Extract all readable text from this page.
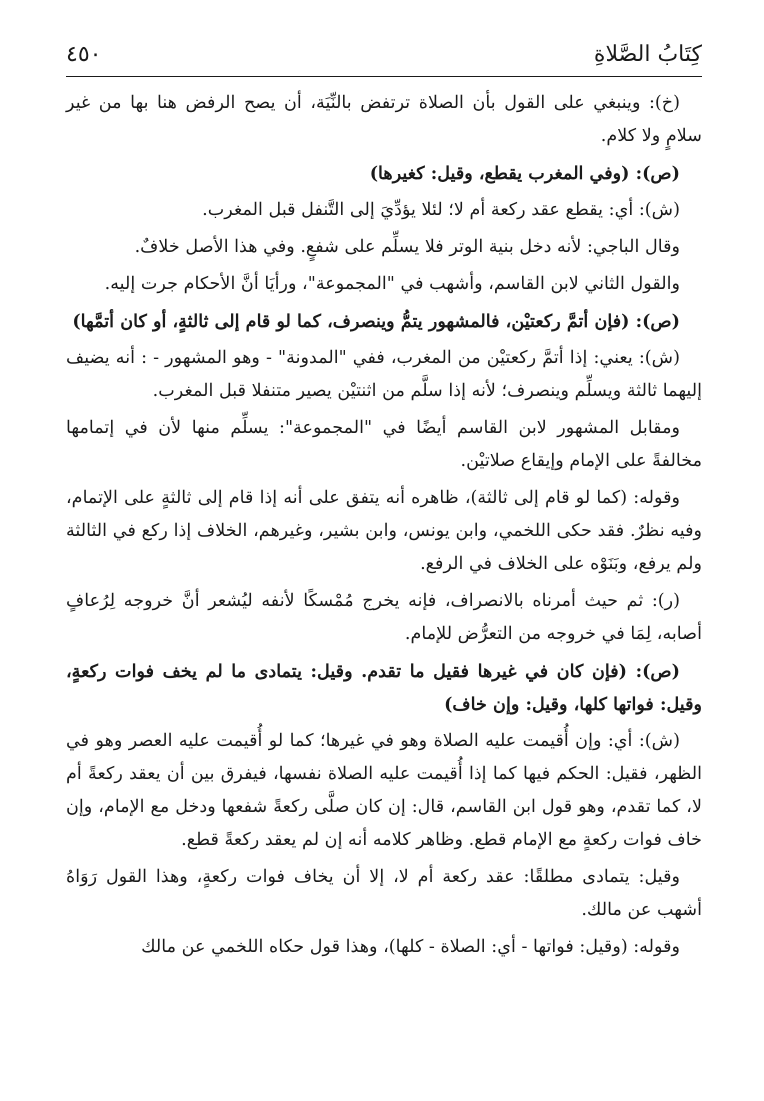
كِتَابُ الصَّلاةِ
٤٥٠

(خ): وينبغي على القول بأن الصلاة ترتفض بالنِّيَة، أن يصح الرفض هنا بها من غير سلامٍ ولا كلام.

(ص): (وفي المغرب يقطع، وقيل: كغيرها)

(ش): أي: يقطع عقد ركعة أم لا؛ لئلا يؤدِّيَ إلى التَّنفل قبل المغرب.

وقال الباجي: لأنه دخل بنية الوتر فلا يسلِّم على شفعٍ. وفي هذا الأصل خلافٌ.

والقول الثاني لابن القاسم، وأشهب في "المجموعة"، ورأيَا أنَّ الأحكام جرت إليه.

(ص): (فإن أتمَّ ركعتيْن، فالمشهور يتمُّ وينصرف، كما لو قام إلى ثالثةٍ، أو كان أتمَّها)

(ش): يعني: إذا أتمَّ ركعتيْن من المغرب، ففي "المدونة" - وهو المشهور - : أنه يضيف إليهما ثالثة ويسلِّم وينصرف؛ لأنه إذا سلَّم من اثنتيْن يصير متنفلا قبل المغرب.

ومقابل المشهور لابن القاسم أيضًا في "المجموعة": يسلِّم منها لأن في إتمامها مخالفةً على الإمام وإيقاع صلاتيْن.

وقوله: (كما لو قام إلى ثالثة)، ظاهره أنه يتفق على أنه إذا قام إلى ثالثةٍ على الإتمام، وفيه نظرٌ. فقد حكى اللخمي، وابن يونس، وابن بشير، وغيرهم، الخلاف إذا ركع في الثالثة ولم يرفع، وبَنَوْه على الخلاف في الرفع.

(ر): ثم حيث أمرناه بالانصراف، فإنه يخرج مُمْسكًا لأنفه ليُشعر أنَّ خروجه لِرُعافٍ أصابه، لِمَا في خروجه من التعرُّض للإمام.

(ص): (فإن كان في غيرها فقيل ما تقدم. وقيل: يتمادى ما لم يخف فوات ركعةٍ، وقيل: فواتها كلها، وقيل: وإن خاف)

(ش): أي: وإن أُقيمت عليه الصلاة وهو في غيرها؛ كما لو أُقيمت عليه العصر وهو في الظهر، فقيل: الحكم فيها كما إذا أُقيمت عليه الصلاة نفسها، فيفرق بين أن يعقد ركعةً أم لا، كما تقدم، وهو قول ابن القاسم، قال: إن كان صلَّى ركعةً شفعها ودخل مع الإمام، وإن خاف فوات ركعةٍ مع الإمام قطع. وظاهر كلامه أنه إن لم يعقد ركعةً قطع.

وقيل: يتمادى مطلقًا: عقد ركعة أم لا، إلا أن يخاف فوات ركعةٍ، وهذا القول رَوَاهُ أشهب عن مالك.

وقوله: (وقيل: فواتها - أي: الصلاة - كلها)، وهذا قول حكاه اللخمي عن مالك
